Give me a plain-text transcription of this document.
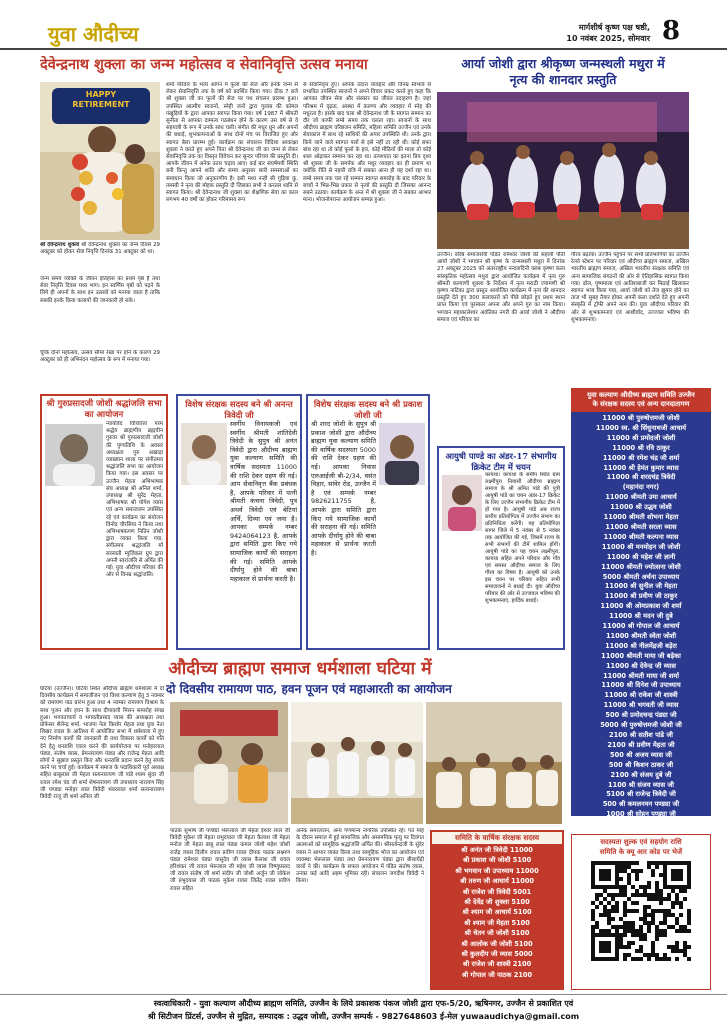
युवा औदीच्य	मार्गशीर्ष कृष्ण पक्ष षष्ठी,
10 नवंबर 2025, सोमवार 8
देवेन्द्रनाथ शुक्ला का जन्म महोत्सव व सेवानिवृत्ति उत्सव मनाया
HAPPY RETIREMENT
श्री देवेन्द्रनाथ शुक्ला श्री देवेन्द्रनाथ शुक्ला का जन्म दिवस 29 अक्टूबर को होकर सेवा निवृत्ति दिनांक 31 अक्टूबर को था।
जन्म समय व्यक्ति के जीवन इतिहास का प्रथम पृष्ठ है तथा सेवा निवृत्ति दिवस मध्य भाग। इन स्वर्णिम पृष्ठों को पढ़ने के लिये ही अपनों के साथ इन उत्सवों को मनाया जाता है ताकि सबकी इनके किया कलापों की जानकारी हो सके।
चूंकि दोनो महोत्सव, उत्सव सीमा रेखा पर होने के कारण 29 अक्टूबर को ही अभिनंदन महोत्सव के रूप में मनाया गया।
शर्मा परिवार के भव्य आंगन में फूलों की सेज और इनके जन्म से लेकर सेवानिवृत्ति तक के वर्ष को प्रदर्शित किया गया। ठीक 7 बजे श्री शुक्ला जी का फूलों की सेज पर पथ संचलन प्रारम्भ हुआ। उपस्थित आत्मीय स्वजनों, स्नेही जनों द्वारा गुलाब की कोमल पंखुड़ियों के द्वारा आपका स्वागत किया गया। वर्ष 1987 में श्रीमती सुनीता से आपका दाम्पत्य गठबंधन होने के कारण उस वर्ष से वे सहयात्री के रूप में उनके साथ चली। संगीत की मधुर धुन और अपनों की बधाई, शुभकामनाओं के साथ दोनों मंच पर विराजित हुए और स्वागत बेला प्रारम्भ हुई। कार्यक्रम का संचालन विदिशा आकांक्षा शुक्ला ने करते हुए अपने पिता श्री देवेन्द्रनाथ जी का जन्म से लेकर सेवानिवृत्ति तक का विस्तृत विवेचन कर सुन्दर परिचय की प्रस्तुति दी। आपके जीवन में अनेक उतार चढ़ाव आए। कई बार संघर्षमयी स्थिति बनी किन्तु आपने शांति और समय अनुसार सारी समस्याओं का समाधान किया जो अनुकरणीय है। इसी मध्य नन्ही सी गुड़िया कु. तमस्वी ने नृत्य की मोहक प्रस्तुति दी जिसका सभी ने करतल ध्वनि से स्वागत किया। श्री देवेन्द्रनाथ जी शुक्ला का शैक्षणिक सेवा का काल लगभग 40 वर्षों का होकर गरिमामय रूप
से सेवानिवृत्त हुए। आपके उदात्त व्यवहार और विनम्र स्वभाव से प्रभावित उपस्थित स्वजनों ने अपने विचार प्रकट करते हुए कहा कि आपका जीवन सेवा और संस्कार का जीवंत उदाहरण है। जहां परिश्रम में दृढ़ता, आस्था में करुणा और व्यवहार में स्नेह की मधुरता है। इसके बाद चला श्री देवेन्द्रनाथ जी के स्वागत सम्मान का दौर जो काफी लम्बे समय तक चलता रहा। स्वजनों के साथ औदीच्य ब्राह्मण वरिष्ठजन समिति, महिला समिति उज्जैन एवं उनके सेवाकाल में साथ रहे साथियों की अपार उपस्थिति थी। उनके द्वारा किये जाने वाले स्वागत पलों से इसे नहीं टर रही थी। कोई सफा बांध रहा था तो कोई फूलों के हार, कोई मीठियों की माला तो कोई शाल ओढ़ाकर सम्मान कर रहा था। तत्पश्चात का इतना प्रिय दृश्य श्री शुक्ला जी के समर्पक और मधुर व्यवहार का ही प्रमाण था क्योंकि रीति से नहारी रात्रि में सबका आना ही यह दर्शा रहा था। लम्बे समय तक चल रहे सम्मान स्वागत समारोह के बाद परिवार के बच्चों ने भिन्न-भिन्न प्रकार से नृत्यों की प्रस्तुति दी जिसका आनन्द सबने उठाया। कार्यक्रम के अन्त में श्री शुक्ला जी ने सबका आभार माना। भोजनोपरान्त आयोजन सम्पन्न हुआ।
आर्या जोशी द्वारा श्रीकृष्ण जन्मस्थली मथुरा में
नृत्य की शानदार प्रस्तुति
उज्जैन। वरिष्ठ समाजसेवी पंडित रामेश्वर जोशी की सहायी पौती आर्या जोशी ने भगवान श्री कृष्ण के जन्मस्थली मथुरा में दिनांक 27 अक्टूबर 2025 को अंतरराष्ट्रीय नन्दवादिनी क्लब कृष्णा कला सांस्कृतिक महोत्सव मथुरा द्वारा आयोजित कार्यक्रम में नृत्य गुरु श्रीमती कल्याणी शुक्ला के निर्देशन में नृत्य मराठी ज्यामणी श्री कृष्णा नाटिका द्वारा प्रस्तुत आयोजित कार्यक्रम में नृत्य की शानदार प्रस्तुति देते हुए 300 कलाकारों को पीछे छोड़ते हुए प्रथम स्थान प्राप्त किया एवं पुरस्कार अपना और अपने गुरु का नाम किया। भगवान महाकालेश्वर अवंतिका नगरी की आर्या जोशी ने औदीच्य समाज एवं परिवार का
गौरव बढ़ाया। उज्जैन पहुंचने पर सभी प्रतिभागियों का उज्जैन रेलवे स्टेशन पर परिवार एवं औदीच्य ब्राह्मण समाज, अखिल भारतीय ब्राह्मण समाज, अखिल भारतीय संरक्षक समिति एवं अन्य सामाजिक संगठनों की ओर से ऐतिहासिक स्वागत किया गया। ढोल, पुष्पमाला एवं आतिशबाजी कर मिठाई खिलाकर स्वागत भव्य किया गया, आर्या जोशी को तेज झूमार होने का ताज भी सुबह तैयार होकर अपनी कला दर्शाते देते हुए अपनी संस्कृति में ट्रॉफी अपने नाम की। युवा औदीच्य परिवार की ओर से शुभकामनाएं एवं आशीर्वाद, उज्ज्वल भविष्य की शुभकामनाएं।
युवा कल्याण औदीच्य ब्राह्मण समिति उज्जैन
के संरक्षक सदस्य एवं अन्य दानदातागण
11000 श्री पुरुषोत्तमजी जोशी
11000 स्व. श्री सिंधुनाथजी आचार्य
11000 श्री प्रमोदजी जोशी
11000 श्री रवि ठाकुर
11000 श्री रमेश चंद्र जी शर्मा
11000 श्री हेमंत कुमार व्यास
11000 श्री शरदचंद्र त्रिवेदी
(महानंदा नगर)
11000 श्रीमती उमा आचार्य
11000 श्री उद्धव जोशी
11000 श्रीमती शोभना मेहता
11000 श्रीमती सरला व्यास
11000 श्रीमती कल्पना व्यास
11000 श्री मनमोहन जी जोशी
11000 श्री महेश जी ज्ञानी
11000 श्रीमती ज्योत्सना जोशी
5000 श्रीमती अर्चना उपाध्याय
11000 श्री सुनील जी मेहता
11000 श्री प्रवीण जी ठाकुर
11000 श्री ओमप्रकाश जी शर्मा
11000 श्री मदन जी दुबे
11000 श्री गोपाल जी आचार्य
11000 श्रीमती स्वेता जोशी
11000 श्री नीलमेंद्रजी बड़ेरा
11000 श्रीमती माया जी बड़ेका
11000 श्री देवेन्द्र जी व्यास
11000 श्रीमती माया जी शर्मा
11000 श्री दिनेश जी उपाध्याय
11000 श्री राकेश जी शास्त्री
11000 श्री भगवती जी व्यास
500 श्री प्रमोदचन्द्र पंड्या जी
5000 श्री पुरुषोत्तमजी जोशी जी
2100 श्री सतीश पांडे जी
2100 श्री प्रवीण मेहता जी
500 श्री अजय व्यास जी
500 श्री किशन ठाकर जी
2100 श्री संजय दुबे जी
1100 श्री संजय व्यास जी
5100 श्री राजेन्द्र त्रिवेदी जी
500 श्री कमलनयन पण्ड्या जी
1000 श्री सोहन पण्ड्या जी
श्री गुरुप्रसादजी जोशी श्रद्धांजलि सभा का आयोजन
न्यायविद विधिवेत्ता परम श्रद्धेय ब्राह्मणीय ब्रह्मचीन गुरुवर श्री गुरुप्रसादजी जोशी की पुण्यतिथि के अवसर अध्यक्षता गुरु अखाड़ा व्याख्यान शाला पर संगीतमय श्रद्धांजलि सभा का आयोजन किया गया। इस अवसर पर उज्जैन मेहता अभिभाषक संघ अध्यक्ष श्री अनिल शर्मा, उपाध्यक्ष श्री सुरेंद्र मेहता, अभिभाषक श्री योगेश व्यास एवं अन्य समाजजन उपस्थित रहे एवं कार्यक्रम का संयोजन विनोद चौरसिया ने किया तथा अभिभाषकगण नितिन जोशी द्वारा व्यक्त किया गया, संगीतमय श्रद्धांजलि माँ सरस्वती म्यूजिकल ग्रुप द्वारा अपनी स्वरांजलि से अर्पित की गई। युवा औदीच्य परिवार की ओर से विनम्र श्रद्धांजलि।
विशेष संरक्षक सदस्य बने श्री अनन्त त्रिवेदी जी
स्वर्गीय विनायकजी एवं स्वर्गीय श्रीमती शांतिदेवी त्रिवेदी के सुपुत्र श्री अनंत त्रिवेदी द्वारा औदीच्य ब्राह्मण युवा कल्याण समिति की वार्षिक सदस्यता 11000 की राशि देकर ग्रहण की गई। आप सेवानिवृत्त बैंक प्रबंधक है, आपके परिवार में पत्नी श्रीमती कंचना त्रिवेदी, पुत्र अथर्व त्रिवेदी एवं बेटियां अर्चि, दिव्या एवं जया है। आपका सम्पर्क नम्बर 9424064123 है, आपके द्वारा समिति द्वारा किए गये सामाजिक कार्यों की सराहना की गई। समिति आपके दीर्घायु होने की बाबा महाकाल से प्रार्थना करती है।
विशेष संरक्षक सदस्य बने श्री प्रकाश जोशी जी
श्री शरद जोशी के सुपुत्र श्री प्रकाश जोशी द्वारा औदीच्य ब्राह्मण युवा कल्याण समिति की वार्षिक सदस्यता 5000 की राशि देकर ग्रहण की गई। आपका निवास एलआईजी बी-2/34, वसंत विहार, सांवेर रोड, उज्जैन में है एवं सम्पर्क नम्बर 9826211755 है, आपके द्वारा समिति द्वारा किए गये सामाजिक कार्यों की सराहना की गई। समिति आपके दीर्घायु होने की बाबा महाकाल से प्रार्थना करती है।
आयुषी पाण्डे का अंडर-17 संभागीय क्रिकेट टीम में चयन
कायथा। कायथा के समीप स्थित ग्राम लक्ष्मीपुरा निवासी औदीच्य ब्राह्मण समाज के श्री अमित पांडे की पुत्री आयुषी पांडे का चयन अंडर-17 क्रिकेट के लिए उज्जैन संभागीय क्रिकेट टीम में हो गया है। आयुषी पांडे अब राज्य स्तरीय प्रतियोगिता में उज्जैन संभाग का प्रतिनिधित्व करेंगी। यह प्रतियोगिता सागर जिले में 5 नवंबर से 5 नवंबर तक आयोजित की गई, जिसमें राज्य के सभी संभागों की टीमें शामिल होंगी। आयुषी पांडे का यह चयन लक्ष्मीपुरा, कायथा सहित अपने परिवार और गाँव एवं समस्त औदीच्य समाज के लिए गौरव का विषय है। आयुषी को उनके इस चयन पर परिवार सहित सभी समाजजनों ने बधाई दी। युवा औदीच्य परिवार की ओर से उज्जवल भविष्य की शुभकामनाएं, हार्दिक बधाई।
औदीच्य ब्राह्मण समाज धर्मशाला घटिया में
दो दिवसीय रामायण पाठ, हवन पूजन एवं महाआरती का आयोजन
घटिया (उज्जैन)। घटिया स्थित औदीच्य ब्राह्मण धर्मशाला में दो दिवसीय कार्यक्रम में समाजीजन एवं विश्व कल्याण हेतु 3 नवम्बर को रामायण पाठ प्रारंभ हुआ तथा 4 नवम्बर रामायण विश्राम के साथ पूजन और हवन के साथ दीपावली मिलन समारोह संपन्न हुआ। भगवताचार्य व भगवतीप्रसाद व्यास की अध्यक्षता तथा प्रोफेसर शैलेन्द्र शर्मा, भाजपा नेता किशोर मेहता तथा युवा नेता शिखर रावल के आतिथ्य में आयोजित सभा में धर्मशाला में हुए नए निर्माण कार्यों की जानकारी दी तथा विकास कार्यों को गति देने हेतु धनराशि एकत्र करने की कार्ययोजना पर मनोहरलाल पंड्या, संतोष व्यास, प्रेमनारायण पंड्या और राजेन्द्र मेहता आदि लोगों ने सुझाव प्रस्तुत किए और धनराशि प्रदान करने हेतु संपर्क करने पर चर्चा हुई। कार्यक्रम में समाज के पदाधिकारी पूर्व अध्यक्ष सहित बाबूलाल जी मेहता सत्यनारायण जी पांडे श्याम सुंदर जी रावल रमेश चंद जी शर्मा शेषनारायण जी उपाध्याय नारायण सिंह जी पण्ड्या मनोहर लाल त्रिवेदी भंवरलाल शर्मा सत्यनारायण त्रिवेदी राजू जी शर्मा अनिल जी
पाठक सुभाष जी पण्ड्या भेरूलाल जी मेहता ईश्वर लाल जी त्रिवेदी मुकेश जी मेहता प्रभुदयाल जी मेहता कैलाश जी मेहता मनोज जी मेहता बाबू लाल पंड्या कमल जोशी महेश जोशी राजेंद्र व्यास दिलीप रावल प्रवीण रावल दीपक पाठक लक्ष्मण पंड्या रामेश्वर पंड्या वासुदेव जी व्यास कैलाश जी रावल हरिशंकर जी रावल भेरूलाल जी महेश जी व्यास विष्णुप्रसाद जी रावल संतोष जी शर्मा संदीप जी जोशी अर्जुन जी लोकेश जी प्रभुदयाल जी पाठक मुकेश रावल जितेंद्र रावल प्रवीण रावल सहित
अनेक समाजजन, अन्य गणमान्य नागरिक उपस्थित रहे। गत माह के दौरान समाज में हुई सामाजिक और असामयिक मृत्यु पर दिवंगत आत्माओं को सामूहिक श्रद्धांजलि अर्पित की। श्रीसत्येन्द्रजी के सुंदेर व्यास ने आभार व्यक्त किया तथा सामूहिक भोज का आयोजन एवं व्यवस्था भेरूलाल पंड्या तथा प्रेमनारायण पंड्या द्वारा बीसायेंद्री वालों ने की। कार्यक्रम के सफल आयोजन में पंडित संतोष व्यास, उनका कई आदि अहम भूमिका रही। संचालन जगदीश त्रिवेदी ने किया।
समिति के वार्षिक संरक्षक सदस्य
श्री अनंत जी त्रिवेदी 11000
श्री प्रकाश जी जोशी 5100
श्री भगवान जी उपाध्याय 11000
श्री तरुण जी आचार्य 11000
श्री राजेश जी त्रिवेदी 5001
श्री देवेंद्र जी शुक्ला 5100
श्री श्याम जी आचार्य 5100
श्री श्याम जी मेहता 5100
श्री चेतन जी जोशी 5100
श्री आलोक जी जोशी 5100
श्री कुलदीप जी व्यास 5000
श्री राजेश जी शास्त्री 2100
श्री गोपाल जी पाठक 2100
सदस्यता शुल्क एवं सहयोग राशि
समिति के क्यू आर कोड पर भेजें
स्वत्वाधिकारी - युवा कल्याण औदीच्य ब्राह्मण समिति, उज्जैन के लिये प्रकाशक पंकज जोशी द्वारा एफ-5/20, ऋषिनगर, उज्जैन से प्रकाशित एवं
श्री सिटीजन प्रिंटर्स, उज्जैन से मुद्रित, सम्पादक : उद्धव जोशी, उज्जैन सम्पर्क - 9827648603 ई-मेल yuwaaudichya@gmail.com
